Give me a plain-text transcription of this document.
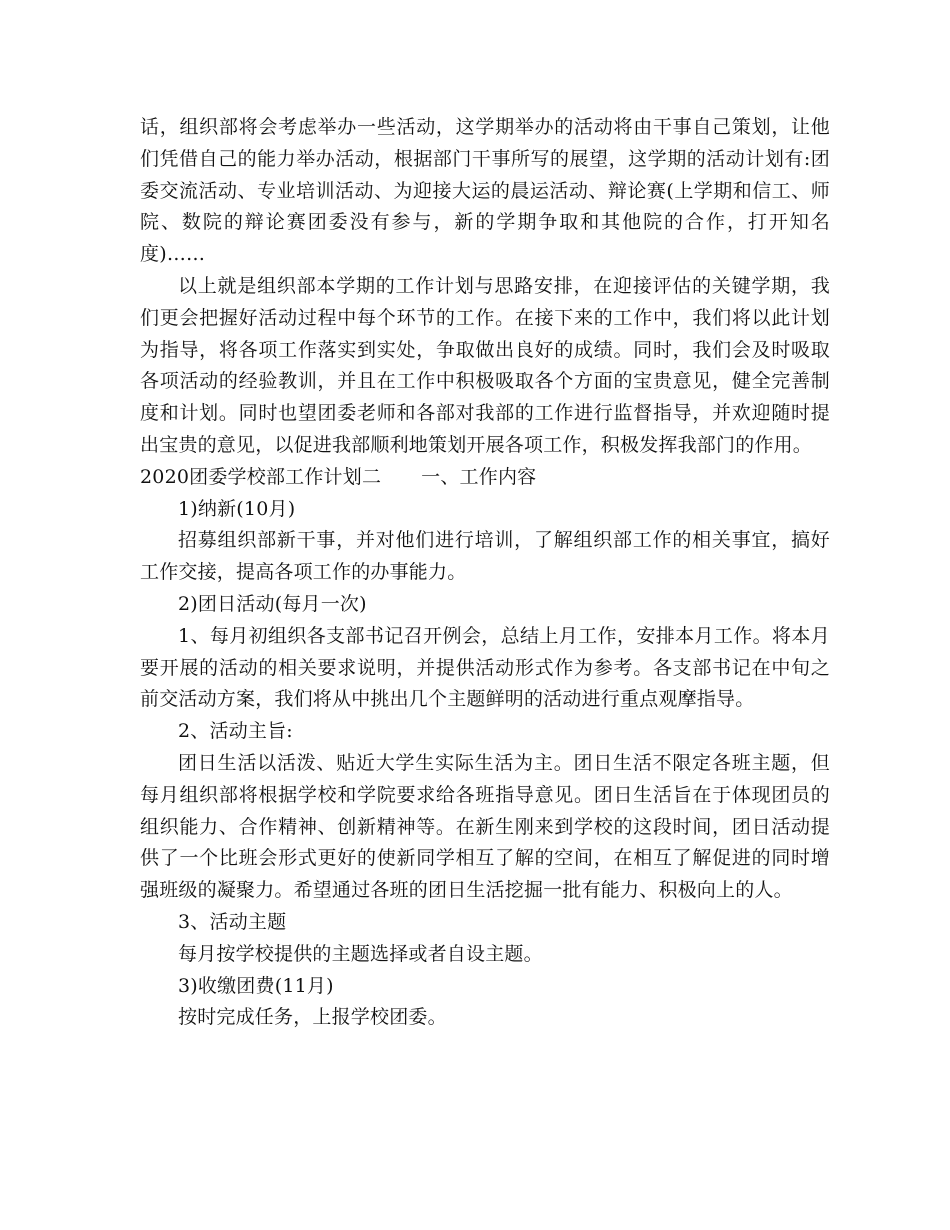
话，组织部将会考虑举办一些活动，这学期举办的活动将由干事自己策划，让他们凭借自己的能力举办活动，根据部门干事所写的展望，这学期的活动计划有:团委交流活动、专业培训活动、为迎接大运的晨运活动、辩论赛(上学期和信工、师院、数院的辩论赛团委没有参与，新的学期争取和其他院的合作，打开知名度)……

以上就是组织部本学期的工作计划与思路安排，在迎接评估的关键学期，我们更会把握好活动过程中每个环节的工作。在接下来的工作中，我们将以此计划为指导，将各项工作落实到实处，争取做出良好的成绩。同时，我们会及时吸取各项活动的经验教训，并且在工作中积极吸取各个方面的宝贵意见，健全完善制度和计划。同时也望团委老师和各部对我部的工作进行监督指导，并欢迎随时提出宝贵的意见，以促进我部顺利地策划开展各项工作，积极发挥我部门的作用。

2020团委学校部工作计划二 一、工作内容

1)纳新(10月)

招募组织部新干事，并对他们进行培训，了解组织部工作的相关事宜，搞好工作交接，提高各项工作的办事能力。

2)团日活动(每月一次)

1、每月初组织各支部书记召开例会，总结上月工作，安排本月工作。将本月要开展的活动的相关要求说明，并提供活动形式作为参考。各支部书记在中旬之前交活动方案，我们将从中挑出几个主题鲜明的活动进行重点观摩指导。

2、活动主旨:

团日生活以活泼、贴近大学生实际生活为主。团日生活不限定各班主题，但每月组织部将根据学校和学院要求给各班指导意见。团日生活旨在于体现团员的组织能力、合作精神、创新精神等。在新生刚来到学校的这段时间，团日活动提供了一个比班会形式更好的使新同学相互了解的空间，在相互了解促进的同时增强班级的凝聚力。希望通过各班的团日生活挖掘一批有能力、积极向上的人。

3、活动主题

每月按学校提供的主题选择或者自设主题。

3)收缴团费(11月)

按时完成任务，上报学校团委。
